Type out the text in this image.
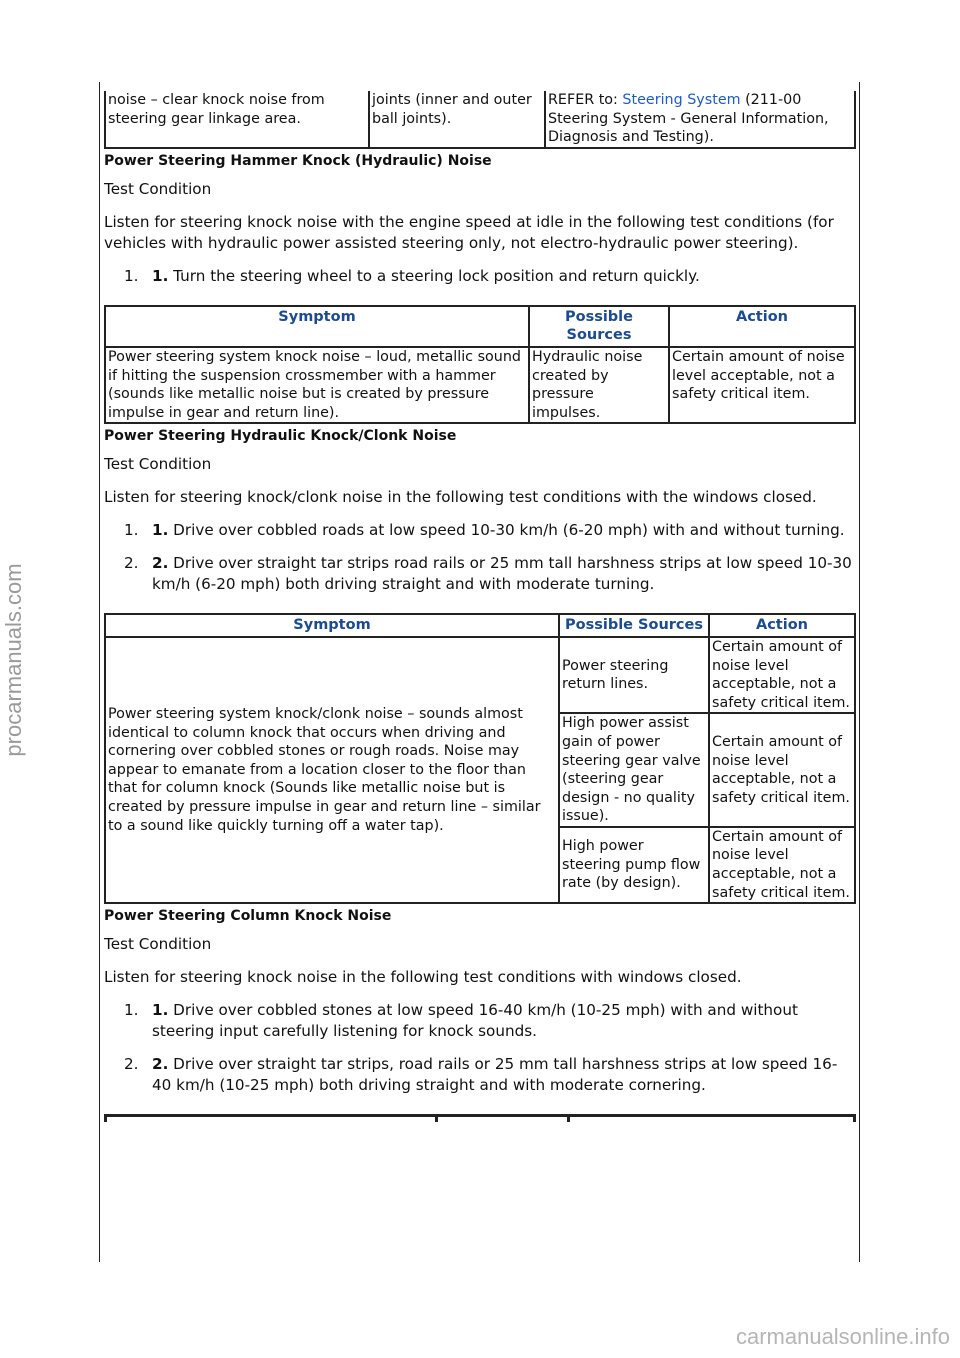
procarmanuals.com
carmanualsonline.info
noise – clear knock noise from steering gear linkage area.	joints (inner and outer ball joints).	REFER to: Steering System (211-00 Steering System - General Information, Diagnosis and Testing).
Power Steering Hammer Knock (Hydraulic) Noise
Test Condition
Listen for steering knock noise with the engine speed at idle in the following test conditions (for vehicles with hydraulic power assisted steering only, not electro-hydraulic power steering).
1. 1. Turn the steering wheel to a steering lock position and return quickly.
Symptom	Possible Sources	Action
Power steering system knock noise – loud, metallic sound if hitting the suspension crossmember with a hammer (sounds like metallic noise but is created by pressure impulse in gear and return line).	Hydraulic noise created by pressure impulses.	Certain amount of noise level acceptable, not a safety critical item.
Power Steering Hydraulic Knock/Clonk Noise
Test Condition
Listen for steering knock/clonk noise in the following test conditions with the windows closed.
1. 1. Drive over cobbled roads at low speed 10-30 km/h (6-20 mph) with and without turning.
2. 2. Drive over straight tar strips road rails or 25 mm tall harshness strips at low speed 10-30 km/h (6-20 mph) both driving straight and with moderate turning.
Symptom	Possible Sources	Action
Power steering system knock/clonk noise – sounds almost identical to column knock that occurs when driving and cornering over cobbled stones or rough roads. Noise may appear to emanate from a location closer to the floor than that for column knock (Sounds like metallic noise but is created by pressure impulse in gear and return line – similar to a sound like quickly turning off a water tap).	Power steering return lines.	Certain amount of noise level acceptable, not a safety critical item.
	High power assist gain of power steering gear valve (steering gear design - no quality issue).	Certain amount of noise level acceptable, not a safety critical item.
	High power steering pump flow rate (by design).	Certain amount of noise level acceptable, not a safety critical item.
Power Steering Column Knock Noise
Test Condition
Listen for steering knock noise in the following test conditions with windows closed.
1. 1. Drive over cobbled stones at low speed 16-40 km/h (10-25 mph) with and without steering input carefully listening for knock sounds.
2. 2. Drive over straight tar strips, road rails or 25 mm tall harshness strips at low speed 16-40 km/h (10-25 mph) both driving straight and with moderate cornering.
